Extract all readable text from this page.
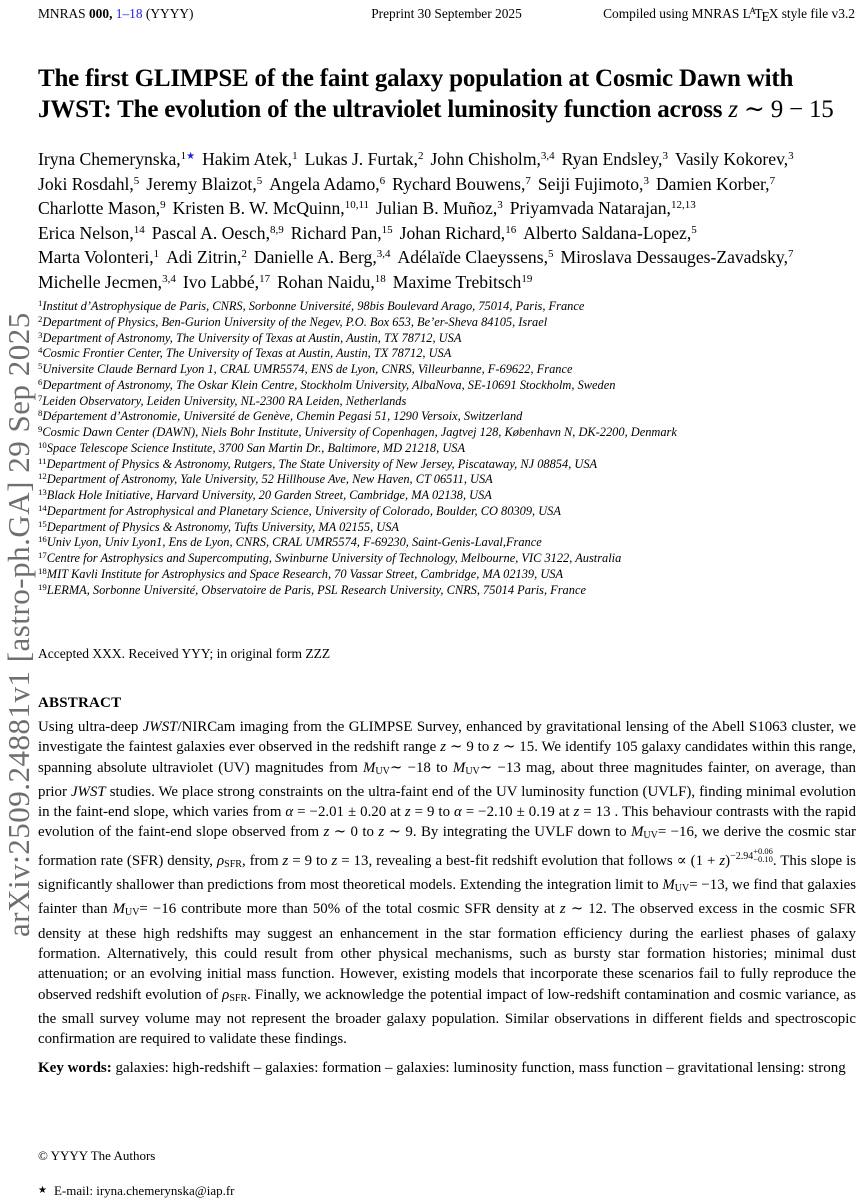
arXiv:2509.24881v1 [astro-ph.GA] 29 Sep 2025
MNRAS 000, 1–18 (YYYY)	Preprint 30 September 2025	Compiled using MNRAS $L^ATEX$ style file v3.2
The first GLIMPSE of the faint galaxy population at Cosmic Dawn with
JWST: The evolution of the ultraviolet luminosity function across z ∼ 9 − 15
Iryna Chemerynska,$^{1★}$ Hakim Atek,$^1$ Lukas J. Furtak,$^2$ John Chisholm,$^{3,4}$ Ryan Endsley,$^3$ Vasily Kokorev,$^3$
Joki Rosdahl,$^5$ Jeremy Blaizot,$^5$ Angela Adamo,$^6$ Rychard Bouwens,$^7$ Seiji Fujimoto,$^3$ Damien Korber,$^7$
Charlotte Mason,$^9$ Kristen B. W. McQuinn,$^{10,11}$ Julian B. Muñoz,$^3$ Priyamvada Natarajan,$^{12,13}$
Erica Nelson,$^{14}$ Pascal A. Oesch,$^{8,9}$ Richard Pan,$^{15}$ Johan Richard,$^{16}$ Alberto Saldana-Lopez,$^5$
Marta Volonteri,$^1$ Adi Zitrin,$^2$ Danielle A. Berg,$^{3,4}$ Adélaïde Claeyssens,$^5$ Miroslava Dessauges-Zavadsky,$^7$
Michelle Jecmen,$^{3,4}$ Ivo Labbé,$^{17}$ Rohan Naidu,$^{18}$ Maxime Trebitsch$^{19}$
$^1$Institut d’Astrophysique de Paris, CNRS, Sorbonne Université, 98bis Boulevard Arago, 75014, Paris, France
$^2$Department of Physics, Ben-Gurion University of the Negev, P.O. Box 653, Be’er-Sheva 84105, Israel
$^3$Department of Astronomy, The University of Texas at Austin, Austin, TX 78712, USA
$^4$Cosmic Frontier Center, The University of Texas at Austin, Austin, TX 78712, USA
$^5$Universite Claude Bernard Lyon 1, CRAL UMR5574, ENS de Lyon, CNRS, Villeurbanne, F-69622, France
$^6$Department of Astronomy, The Oskar Klein Centre, Stockholm University, AlbaNova, SE-10691 Stockholm, Sweden
$^7$Leiden Observatory, Leiden University, NL-2300 RA Leiden, Netherlands
$^8$Département d’Astronomie, Université de Genève, Chemin Pegasi 51, 1290 Versoix, Switzerland
$^9$Cosmic Dawn Center (DAWN), Niels Bohr Institute, University of Copenhagen, Jagtvej 128, København N, DK-2200, Denmark
$^{10}$Space Telescope Science Institute, 3700 San Martin Dr., Baltimore, MD 21218, USA
$^{11}$Department of Physics & Astronomy, Rutgers, The State University of New Jersey, Piscataway, NJ 08854, USA
$^{12}$Department of Astronomy, Yale University, 52 Hillhouse Ave, New Haven, CT 06511, USA
$^{13}$Black Hole Initiative, Harvard University, 20 Garden Street, Cambridge, MA 02138, USA
$^{14}$Department for Astrophysical and Planetary Science, University of Colorado, Boulder, CO 80309, USA
$^{15}$Department of Physics & Astronomy, Tufts University, MA 02155, USA
$^{16}$Univ Lyon, Univ Lyon1, Ens de Lyon, CNRS, CRAL UMR5574, F-69230, Saint-Genis-Laval,France
$^{17}$Centre for Astrophysics and Supercomputing, Swinburne University of Technology, Melbourne, VIC 3122, Australia
$^{18}$MIT Kavli Institute for Astrophysics and Space Research, 70 Vassar Street, Cambridge, MA 02139, USA
$^{19}$LERMA, Sorbonne Université, Observatoire de Paris, PSL Research University, CNRS, 75014 Paris, France
Accepted XXX. Received YYY; in original form ZZZ
ABSTRACT
Using ultra-deep JWST/NIRCam imaging from the GLIMPSE Survey, enhanced by gravitational lensing of the Abell S1063 cluster, we investigate the faintest galaxies ever observed in the redshift range z ∼ 9 to z ∼ 15. We identify 105 galaxy candidates within this range, spanning absolute ultraviolet (UV) magnitudes from MUV∼ −18 to MUV∼ −13 mag, about three magnitudes fainter, on average, than prior JWST studies. We place strong constraints on the ultra-faint end of the UV luminosity function (UVLF), finding minimal evolution in the faint-end slope, which varies from α = −2.01 ± 0.20 at z = 9 to α = −2.10 ± 0.19 at z = 13 . This behaviour contrasts with the rapid evolution of the faint-end slope observed from z ∼ 0 to z ∼ 9. By integrating the UVLF down to MUV= −16, we derive the cosmic star formation rate (SFR) density, ρSFR, from z = 9 to z = 13, revealing a best-fit redshift evolution that follows ∝ $(1 + z)^{-2.94} +0.06$
−0.10 . This slope is significantly shallower than predictions from most theoretical models. Extending the integration limit to MUV= −13, we find that galaxies fainter than MUV= −16 contribute more than 50% of the total cosmic SFR density at z ∼ 12. The observed excess in the cosmic SFR density at these high redshifts may suggest an enhancement in the star formation efficiency during the earliest phases of galaxy formation. Alternatively, this could result from other physical mechanisms, such as bursty star formation histories; minimal dust attenuation; or an evolving initial mass function. However, existing models that incorporate these scenarios fail to fully reproduce the observed redshift evolution of ρSFR. Finally, we acknowledge the potential impact of low-redshift contamination and cosmic variance, as the small survey volume may not represent the broader galaxy population. Similar observations in different fields and spectroscopic confirmation are required to validate these findings.
Key words: galaxies: high-redshift – galaxies: formation – galaxies: luminosity function, mass function – gravitational lensing: strong
© YYYY The Authors
★ E-mail: iryna.chemerynska@iap.fr
